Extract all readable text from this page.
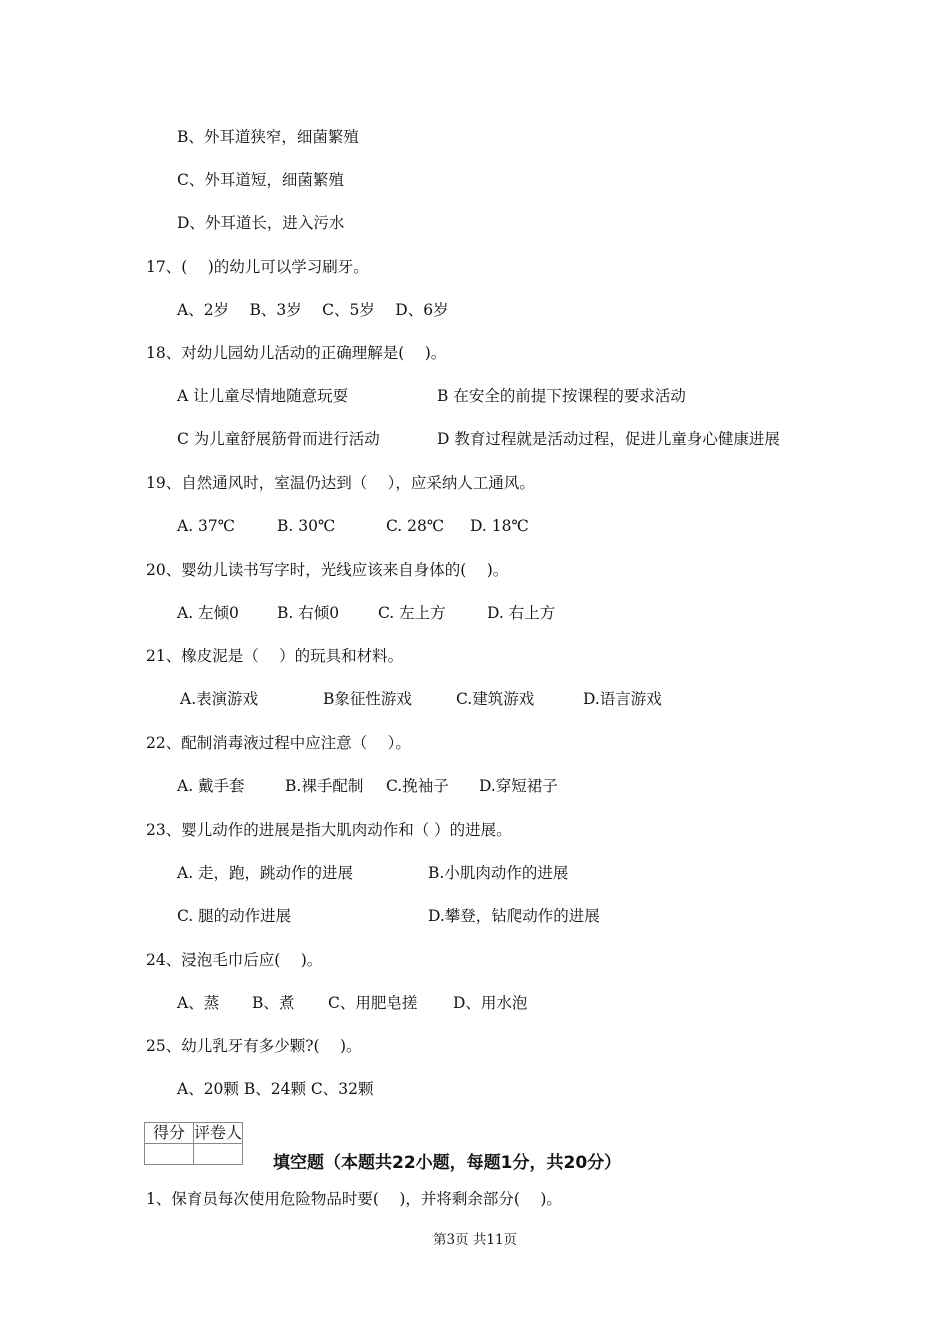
B、外耳道狭窄，细菌繁殖
C、外耳道短，细菌繁殖
D、外耳道长，进入污水
17、(　 )的幼儿可以学习刷牙。
A、2岁　 B、3岁　 C、5岁　 D、6岁
18、对幼儿园幼儿活动的正确理解是(　 )。
A 让儿童尽情地随意玩耍	B 在安全的前提下按课程的要求活动
C 为儿童舒展筋骨而进行活动	D 教育过程就是活动过程，促进儿童身心健康进展
19、自然通风时，室温仍达到（　 ），应采纳人工通风。
A. 37℃	B. 30℃	C. 28℃ D. 18℃
20、婴幼儿读书写字时，光线应该来自身体的(　 )。
A. 左倾0 B. 右倾0	C. 左上方	D. 右上方
21、橡皮泥是（　 ）的玩具和材料。
A.表演游戏	B象征性游戏	C.建筑游戏	D.语言游戏
22、配制消毒液过程中应注意（　 ）。
A. 戴手套	B.裸手配制 C.挽袖子 D.穿短裙子
23、婴儿动作的进展是指大肌肉动作和（ ）的进展。
A. 走，跑，跳动作的进展	B.小肌肉动作的进展
C. 腿的动作进展	D.攀登，钻爬动作的进展
24、浸泡毛巾后应(　 )。
A、蒸 B、煮 C、用肥皂搓 D、用水泡
25、幼儿乳牙有多少颗?(　 )。
A、20颗 B、24颗 C、32颗
得分	评卷人

填空题（本题共22小题，每题1分，共20分）
1、保育员每次使用危险物品时要(　 )，并将剩余部分(　 )。
第3页 共11页
